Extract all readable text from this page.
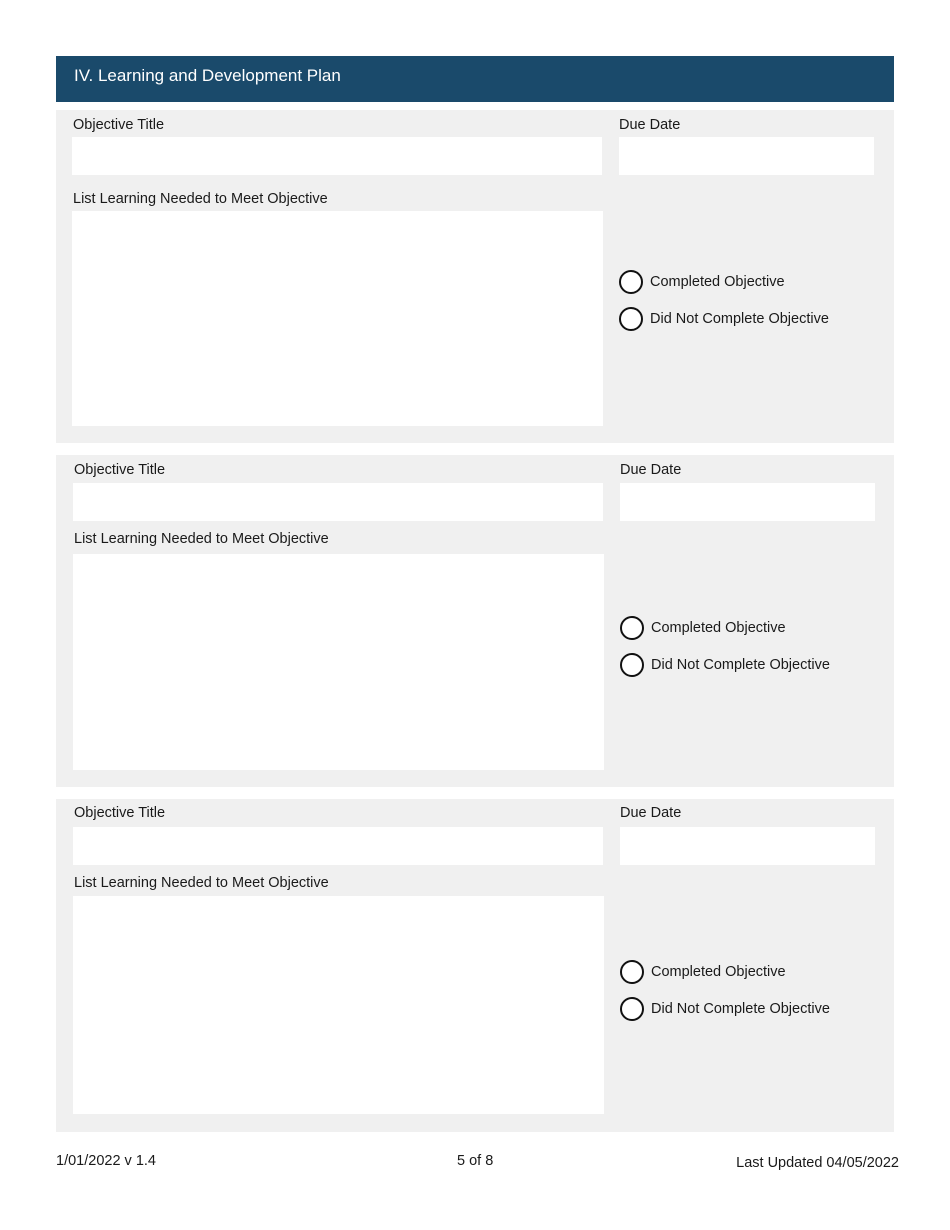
IV. Learning and Development Plan
Objective Title	Due Date
List Learning Needed to Meet Objective
Completed Objective
Did Not Complete Objective
Objective Title	Due Date
List Learning Needed to Meet Objective
Completed Objective
Did Not Complete Objective
Objective Title	Due Date
List Learning Needed to Meet Objective
Completed Objective
Did Not Complete Objective
1/01/2022 v 1.4	5 of 8	Last Updated 04/05/2022
